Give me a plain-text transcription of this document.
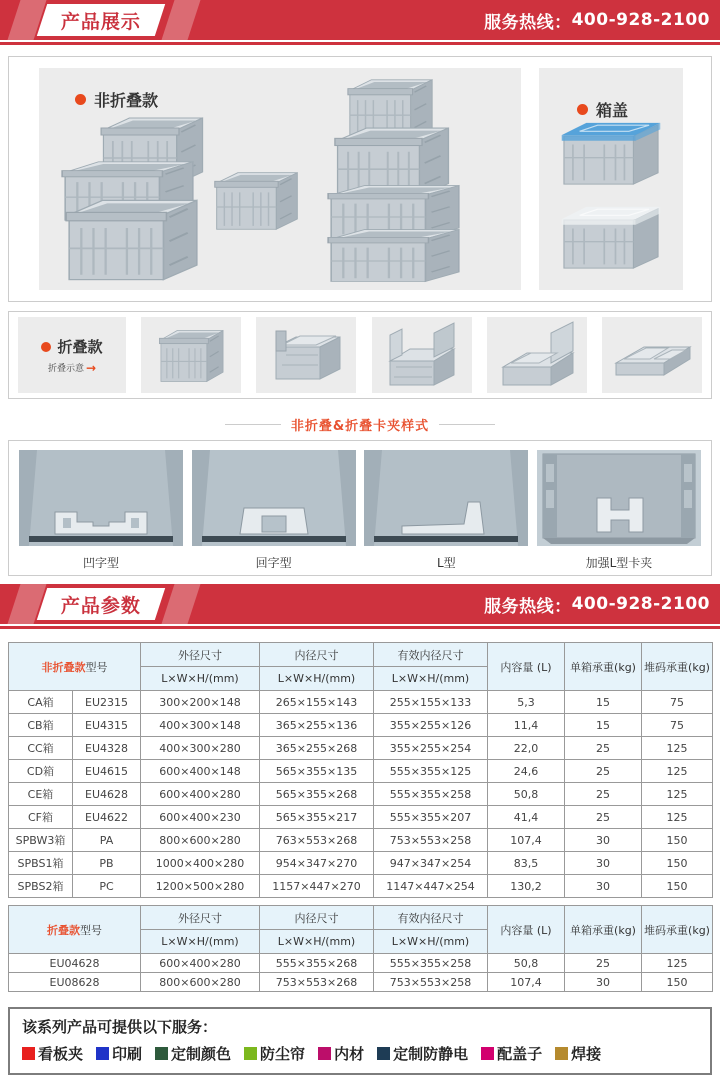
产品展示	服务热线： 400-928-2100
非折叠款
箱盖
折叠款
折叠示意 →
非折叠&折叠卡夹样式
凹字型	回字型	L型	加强L型卡夹
产品参数	服务热线： 400-928-2100
非折叠款型号		外径尺寸	内径尺寸	有效内径尺寸	内容量 (L)	单箱承重(kg)	堆码承重(kg)
		L×W×H/(mm)	L×W×H/(mm)	L×W×H/(mm)			
CA箱	EU2315	300×200×148	265×155×143	255×155×133	5,3	15	75
CB箱	EU4315	400×300×148	365×255×136	355×255×126	11,4	15	75
CC箱	EU4328	400×300×280	365×255×268	355×255×254	22,0	25	125
CD箱	EU4615	600×400×148	565×355×135	555×355×125	24,6	25	125
CE箱	EU4628	600×400×280	565×355×268	555×355×258	50,8	25	125
CF箱	EU4622	600×400×230	565×355×217	555×355×207	41,4	25	125
SPBW3箱	PA	800×600×280	763×553×268	753×553×258	107,4	30	150
SPBS1箱	PB	1000×400×280	954×347×270	947×347×254	83,5	30	150
SPBS2箱	PC	1200×500×280	1157×447×270	1147×447×254	130,2	30	150
折叠款型号	外径尺寸	内径尺寸	有效内径尺寸	内容量 (L)	单箱承重(kg)	堆码承重(kg)
	L×W×H/(mm)	L×W×H/(mm)	L×W×H/(mm)			
EU04628	600×400×280	555×355×268	555×355×258	50,8	25	125
EU08628	800×600×280	753×553×268	753×553×258	107,4	30	150
该系列产品可提供以下服务：
看板夹 印刷 定制颜色 防尘帘 内材 定制防静电 配盖子 焊接
